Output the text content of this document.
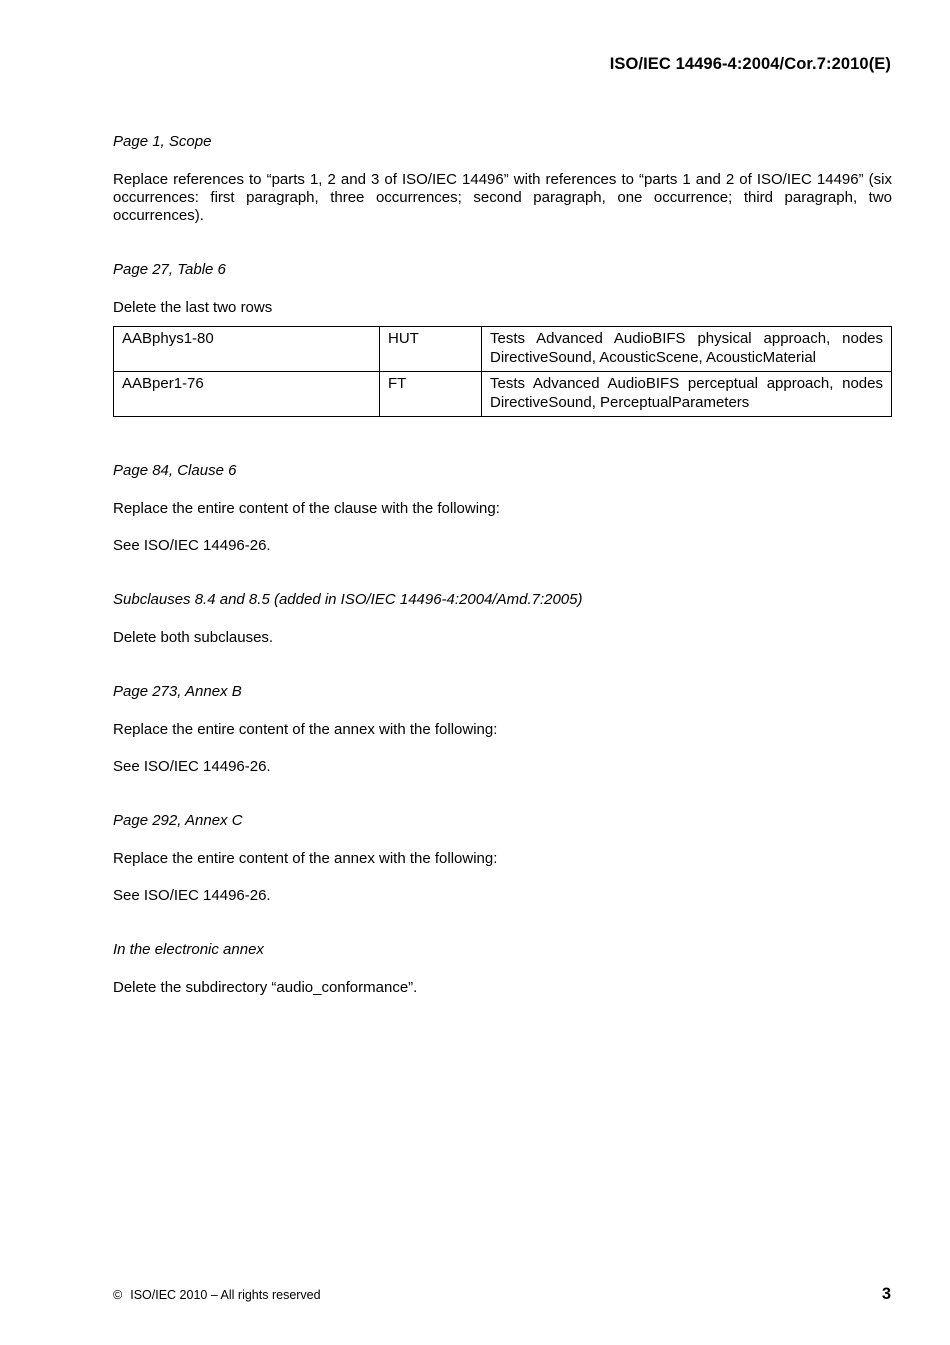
ISO/IEC 14496-4:2004/Cor.7:2010(E)
Page 1, Scope
Replace references to “parts 1, 2 and 3 of ISO/IEC 14496” with references to “parts 1 and 2 of ISO/IEC 14496” (six occurrences: first paragraph, three occurrences; second paragraph, one occurrence; third paragraph, two occurrences).
Page 27, Table 6
Delete the last two rows
AABphys1-80	HUT	Tests Advanced AudioBIFS physical approach, nodes DirectiveSound, AcousticScene, AcousticMaterial
AABper1-76	FT	Tests Advanced AudioBIFS perceptual approach, nodes DirectiveSound, PerceptualParameters
Page 84, Clause 6
Replace the entire content of the clause with the following:
See ISO/IEC 14496-26.
Subclauses 8.4 and 8.5 (added in ISO/IEC 14496-4:2004/Amd.7:2005)
Delete both subclauses.
Page 273, Annex B
Replace the entire content of the annex with the following:
See ISO/IEC 14496-26.
Page 292, Annex C
Replace the entire content of the annex with the following:
See ISO/IEC 14496-26.
In the electronic annex
Delete the subdirectory “audio_conformance”.
© ISO/IEC 2010 – All rights reserved	3
